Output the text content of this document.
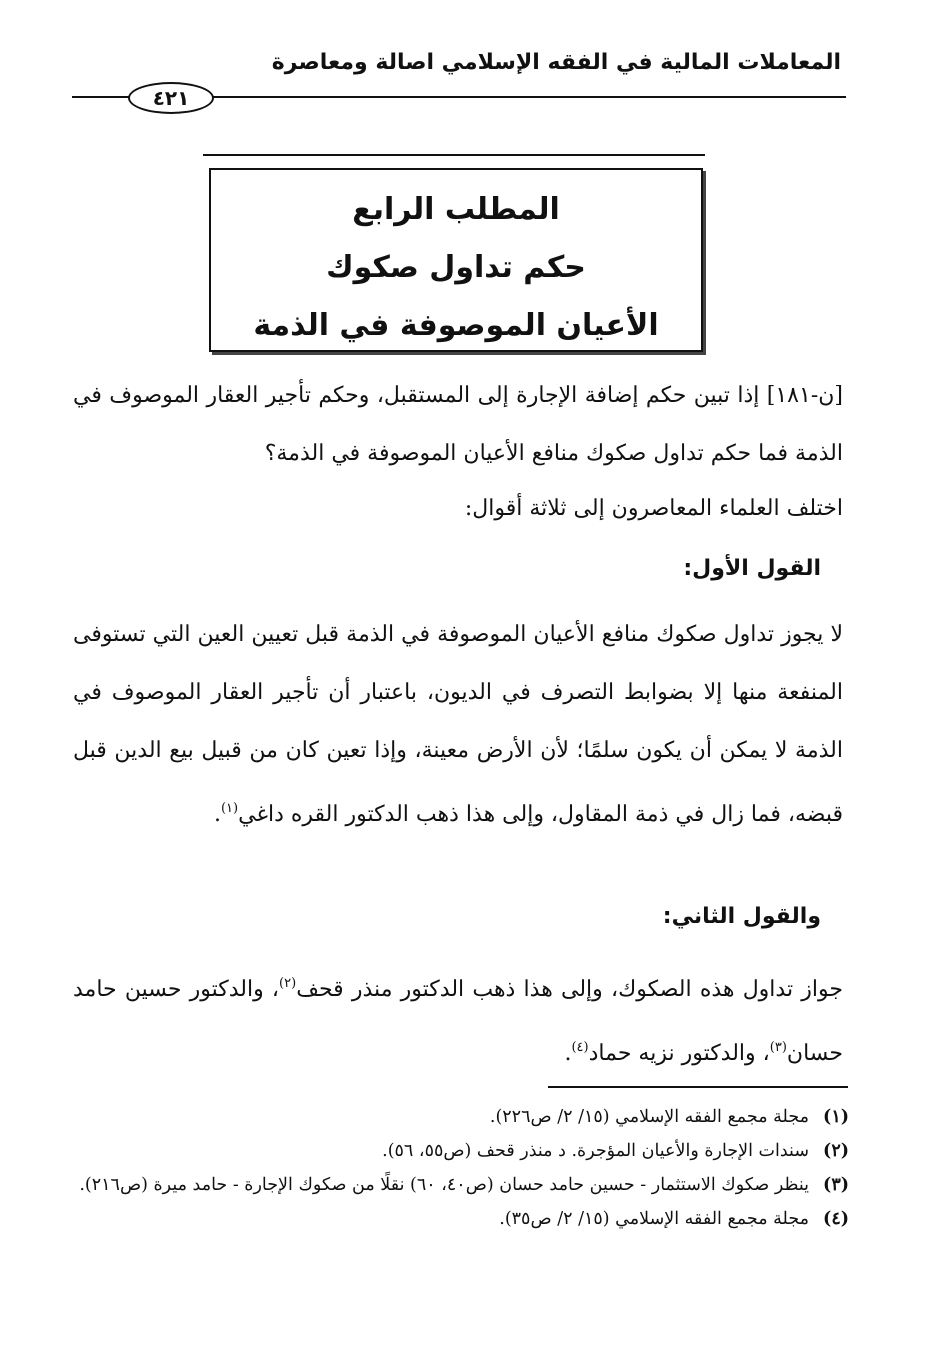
المعاملات المالية في الفقه الإسلامي اصالة ومعاصرة
٤٢١
المطلب الرابع
حكم تداول صكوك
الأعيان الموصوفة في الذمة

[ن-١٨١] إذا تبين حكم إضافة الإجارة إلى المستقبل، وحكم تأجير العقار الموصوف في الذمة فما حكم تداول صكوك منافع الأعيان الموصوفة في الذمة؟

اختلف العلماء المعاصرون إلى ثلاثة أقوال:

القول الأول:

لا يجوز تداول صكوك منافع الأعيان الموصوفة في الذمة قبل تعيين العين التي تستوفى المنفعة منها إلا بضوابط التصرف في الديون، باعتبار أن تأجير العقار الموصوف في الذمة لا يمكن أن يكون سلمًا؛ لأن الأرض معينة، وإذا تعين كان من قبيل بيع الدين قبل قبضه، فما زال في ذمة المقاول، وإلى هذا ذهب الدكتور القره داغي$^{(١)}$.

والقول الثاني:

جواز تداول هذه الصكوك، وإلى هذا ذهب الدكتور منذر قحف$^{(٢)}$، والدكتور حسين حامد حسان$^{(٣)}$، والدكتور نزيه حماد$^{(٤)}$.

(١)
مجلة مجمع الفقه الإسلامي (١٥/ ٢/ ص٢٢٦).
(٢)
سندات الإجارة والأعيان المؤجرة. د منذر قحف (ص٥٥، ٥٦).
(٣)
ينظر صكوك الاستثمار - حسين حامد حسان (ص٤٠، ٦٠) نقلًا من صكوك الإجارة - حامد ميرة (ص٢١٦).
(٤)
مجلة مجمع الفقه الإسلامي (١٥/ ٢/ ص٣٥).
